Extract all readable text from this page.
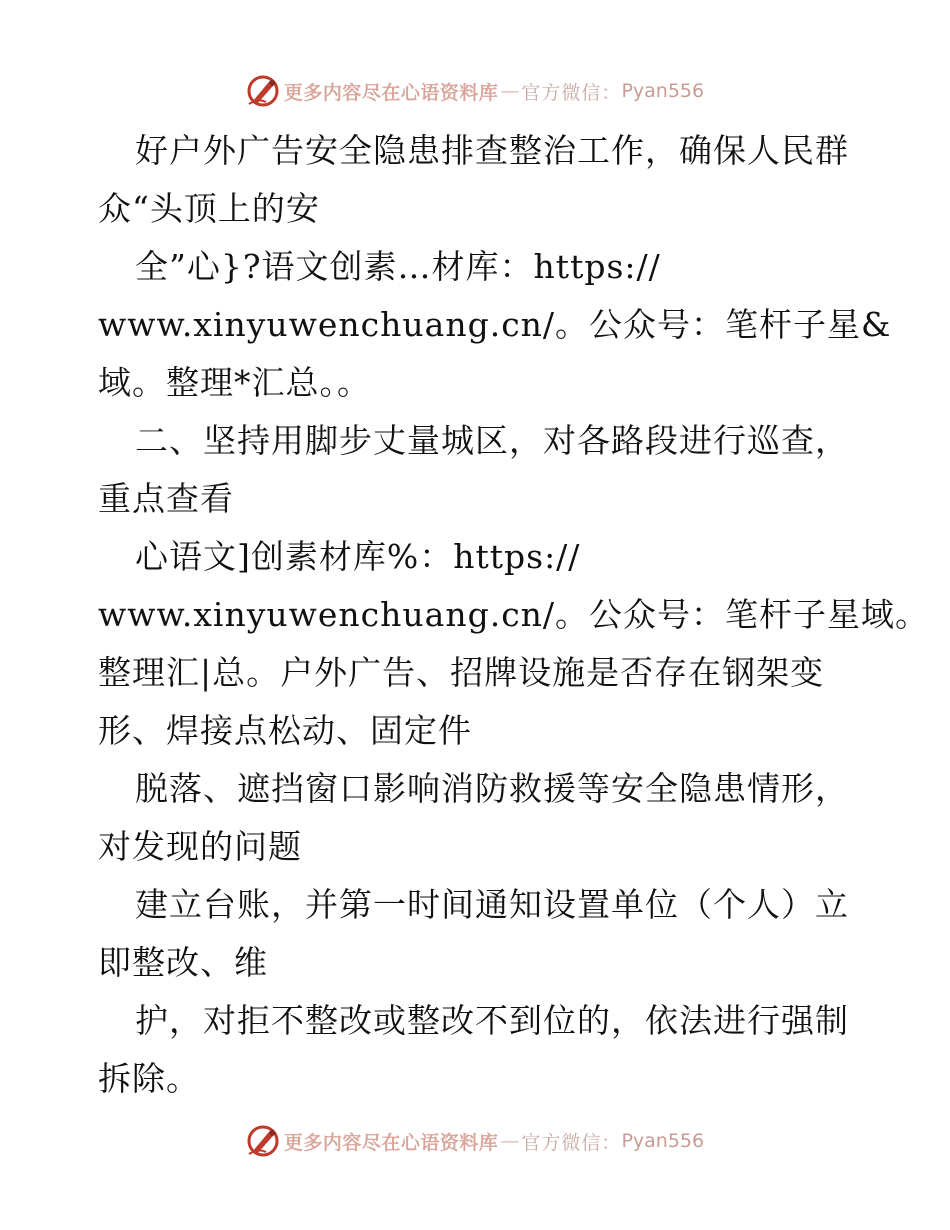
更多内容尽在心语资料库 — 官方微信： Pyan556
好户外广告安全隐患排查整治工作，确保人民群
众“头顶上的安
全”心}?语文创素…材库：https://
www.xinyuwenchuang.cn/。公众号：笔杆子星&
域。整理*汇总。。
二、坚持用脚步丈量城区，对各路段进行巡查，
重点查看
心语文]创素材库%：https://
www.xinyuwenchuang.cn/。公众号：笔杆子星域。
整理汇|总。户外广告、招牌设施是否存在钢架变
形、焊接点松动、固定件
脱落、遮挡窗口影响消防救援等安全隐患情形，
对发现的问题
建立台账，并第一时间通知设置单位（个人）立
即整改、维
护，对拒不整改或整改不到位的，依法进行强制
拆除。
更多内容尽在心语资料库 — 官方微信： Pyan556
